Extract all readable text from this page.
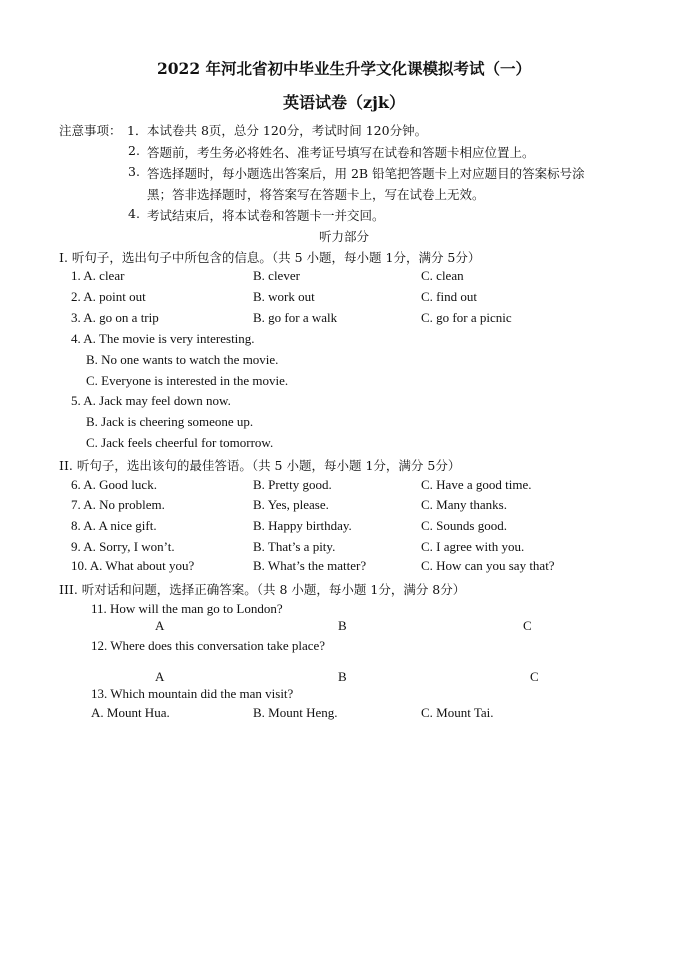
2022 年河北省初中毕业生升学文化课模拟考试（一）
英语试卷（zjk）
注意事项： 1． 本试卷共 8页，总分 120分，考试时间 120分钟。
2. 答题前，考生务必将姓名、准考证号填写在试卷和答题卡相应位置上。
3. 答选择题时，每小题选出答案后，用 2B 铅笔把答题卡上对应题目的答案标号涂
黑；答非选择题时，将答案写在答题卡上，写在试卷上无效。
4. 考试结束后，将本试卷和答题卡一并交回。
听力部分
I. 听句子，选出句子中所包含的信息。（共 5 小题，每小题 1分，满分 5分）
1. A. clear	B. clever	C. clean
2. A. point out	B. work out	C. find out
3. A. go on a trip	B. go for a walk	C. go for a picnic
4. A. The movie is very interesting.
B. No one wants to watch the movie.
C. Everyone is interested in the movie.
5. A. Jack may feel down now.
B. Jack is cheering someone up.
C. Jack feels cheerful for tomorrow.
II. 听句子，选出该句的最佳答语。（共 5 小题，每小题 1分，满分 5分）
6. A. Good luck.	B. Pretty good.	C. Have a good time.
7. A. No problem.	B. Yes, please.	C. Many thanks.
8. A. A nice gift.	B. Happy birthday.	C. Sounds good.
9. A. Sorry, I won’t.	B. That’s a pity.	C. I agree with you.
10. A. What about you?	B. What’s the matter?	C. How can you say that?
III. 听对话和问题，选择正确答案。（共 8 小题，每小题 1分，满分 8分）
11. How will the man go to London?
A	B	C
12. Where does this conversation take place?
A	B	C
13. Which mountain did the man visit?
A. Mount Hua.	B. Mount Heng.	C. Mount Tai.
